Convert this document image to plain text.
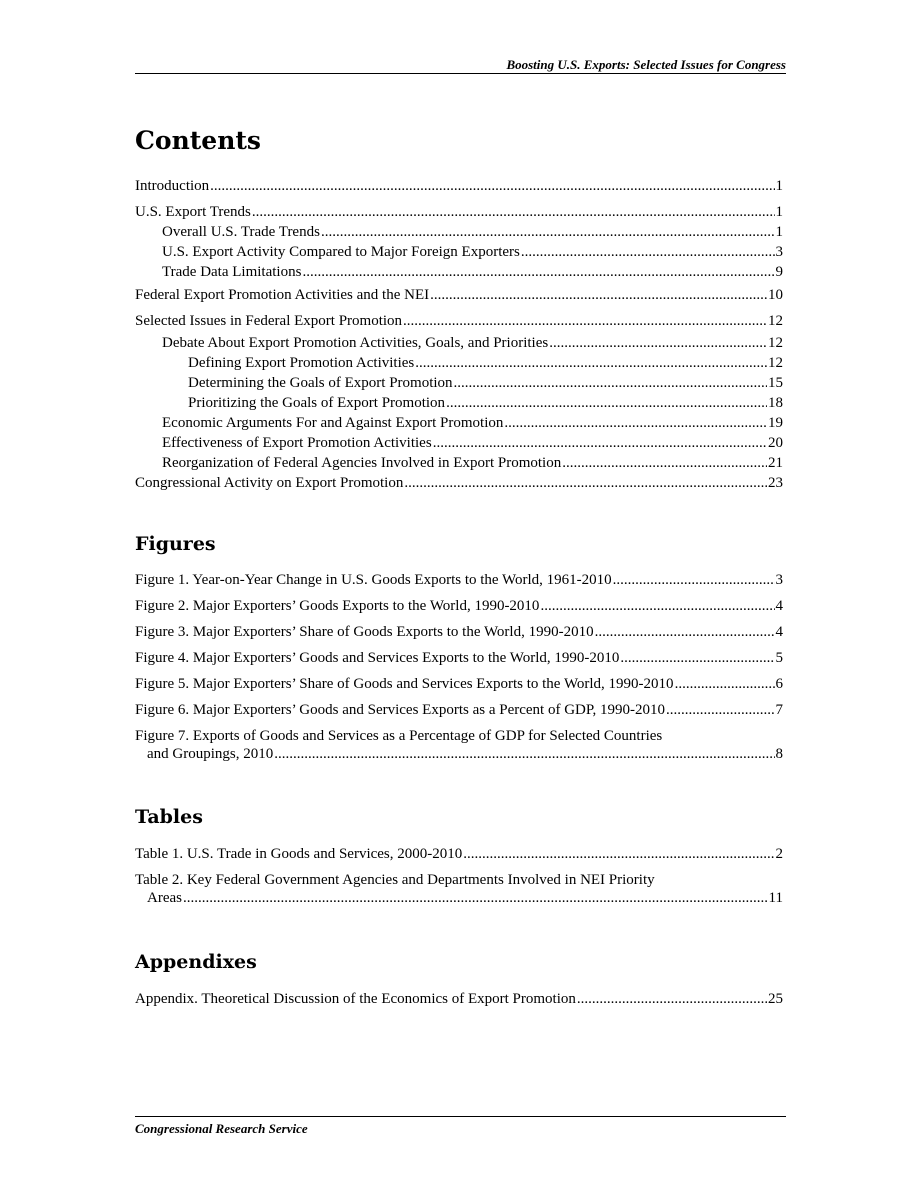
Boosting U.S. Exports: Selected Issues for Congress
Contents
Introduction .....	1
U.S. Export Trends .....	1
Overall U.S. Trade Trends .....	1
U.S. Export Activity Compared to Major Foreign Exporters .....	3
Trade Data Limitations .....	9
Federal Export Promotion Activities and the NEI .....	10
Selected Issues in Federal Export Promotion .....	12
Debate About Export Promotion Activities, Goals, and Priorities .....	12
Defining Export Promotion Activities .....	12
Determining the Goals of Export Promotion .....	15
Prioritizing the Goals of Export Promotion .....	18
Economic Arguments For and Against Export Promotion .....	19
Effectiveness of Export Promotion Activities .....	20
Reorganization of Federal Agencies Involved in Export Promotion .....	21
Congressional Activity on Export Promotion .....	23
Figures
Figure 1. Year-on-Year Change in U.S. Goods Exports to the World, 1961-2010 .....	3
Figure 2. Major Exporters’ Goods Exports to the World, 1990-2010 .....	4
Figure 3. Major Exporters’ Share of Goods Exports to the World, 1990-2010 .....	4
Figure 4. Major Exporters’ Goods and Services Exports to the World, 1990-2010 .....	5
Figure 5. Major Exporters’ Share of Goods and Services Exports to the World, 1990-2010 .....	6
Figure 6. Major Exporters’ Goods and Services Exports as a Percent of GDP, 1990-2010 .....	7
Figure 7. Exports of Goods and Services as a Percentage of GDP for Selected Countries
and Groupings, 2010 .....	8
Tables
Table 1. U.S. Trade in Goods and Services, 2000-2010 .....	2
Table 2. Key Federal Government Agencies and Departments Involved in NEI Priority
Areas .....	11
Appendixes
Appendix. Theoretical Discussion of the Economics of Export Promotion .....	25
Congressional Research Service
